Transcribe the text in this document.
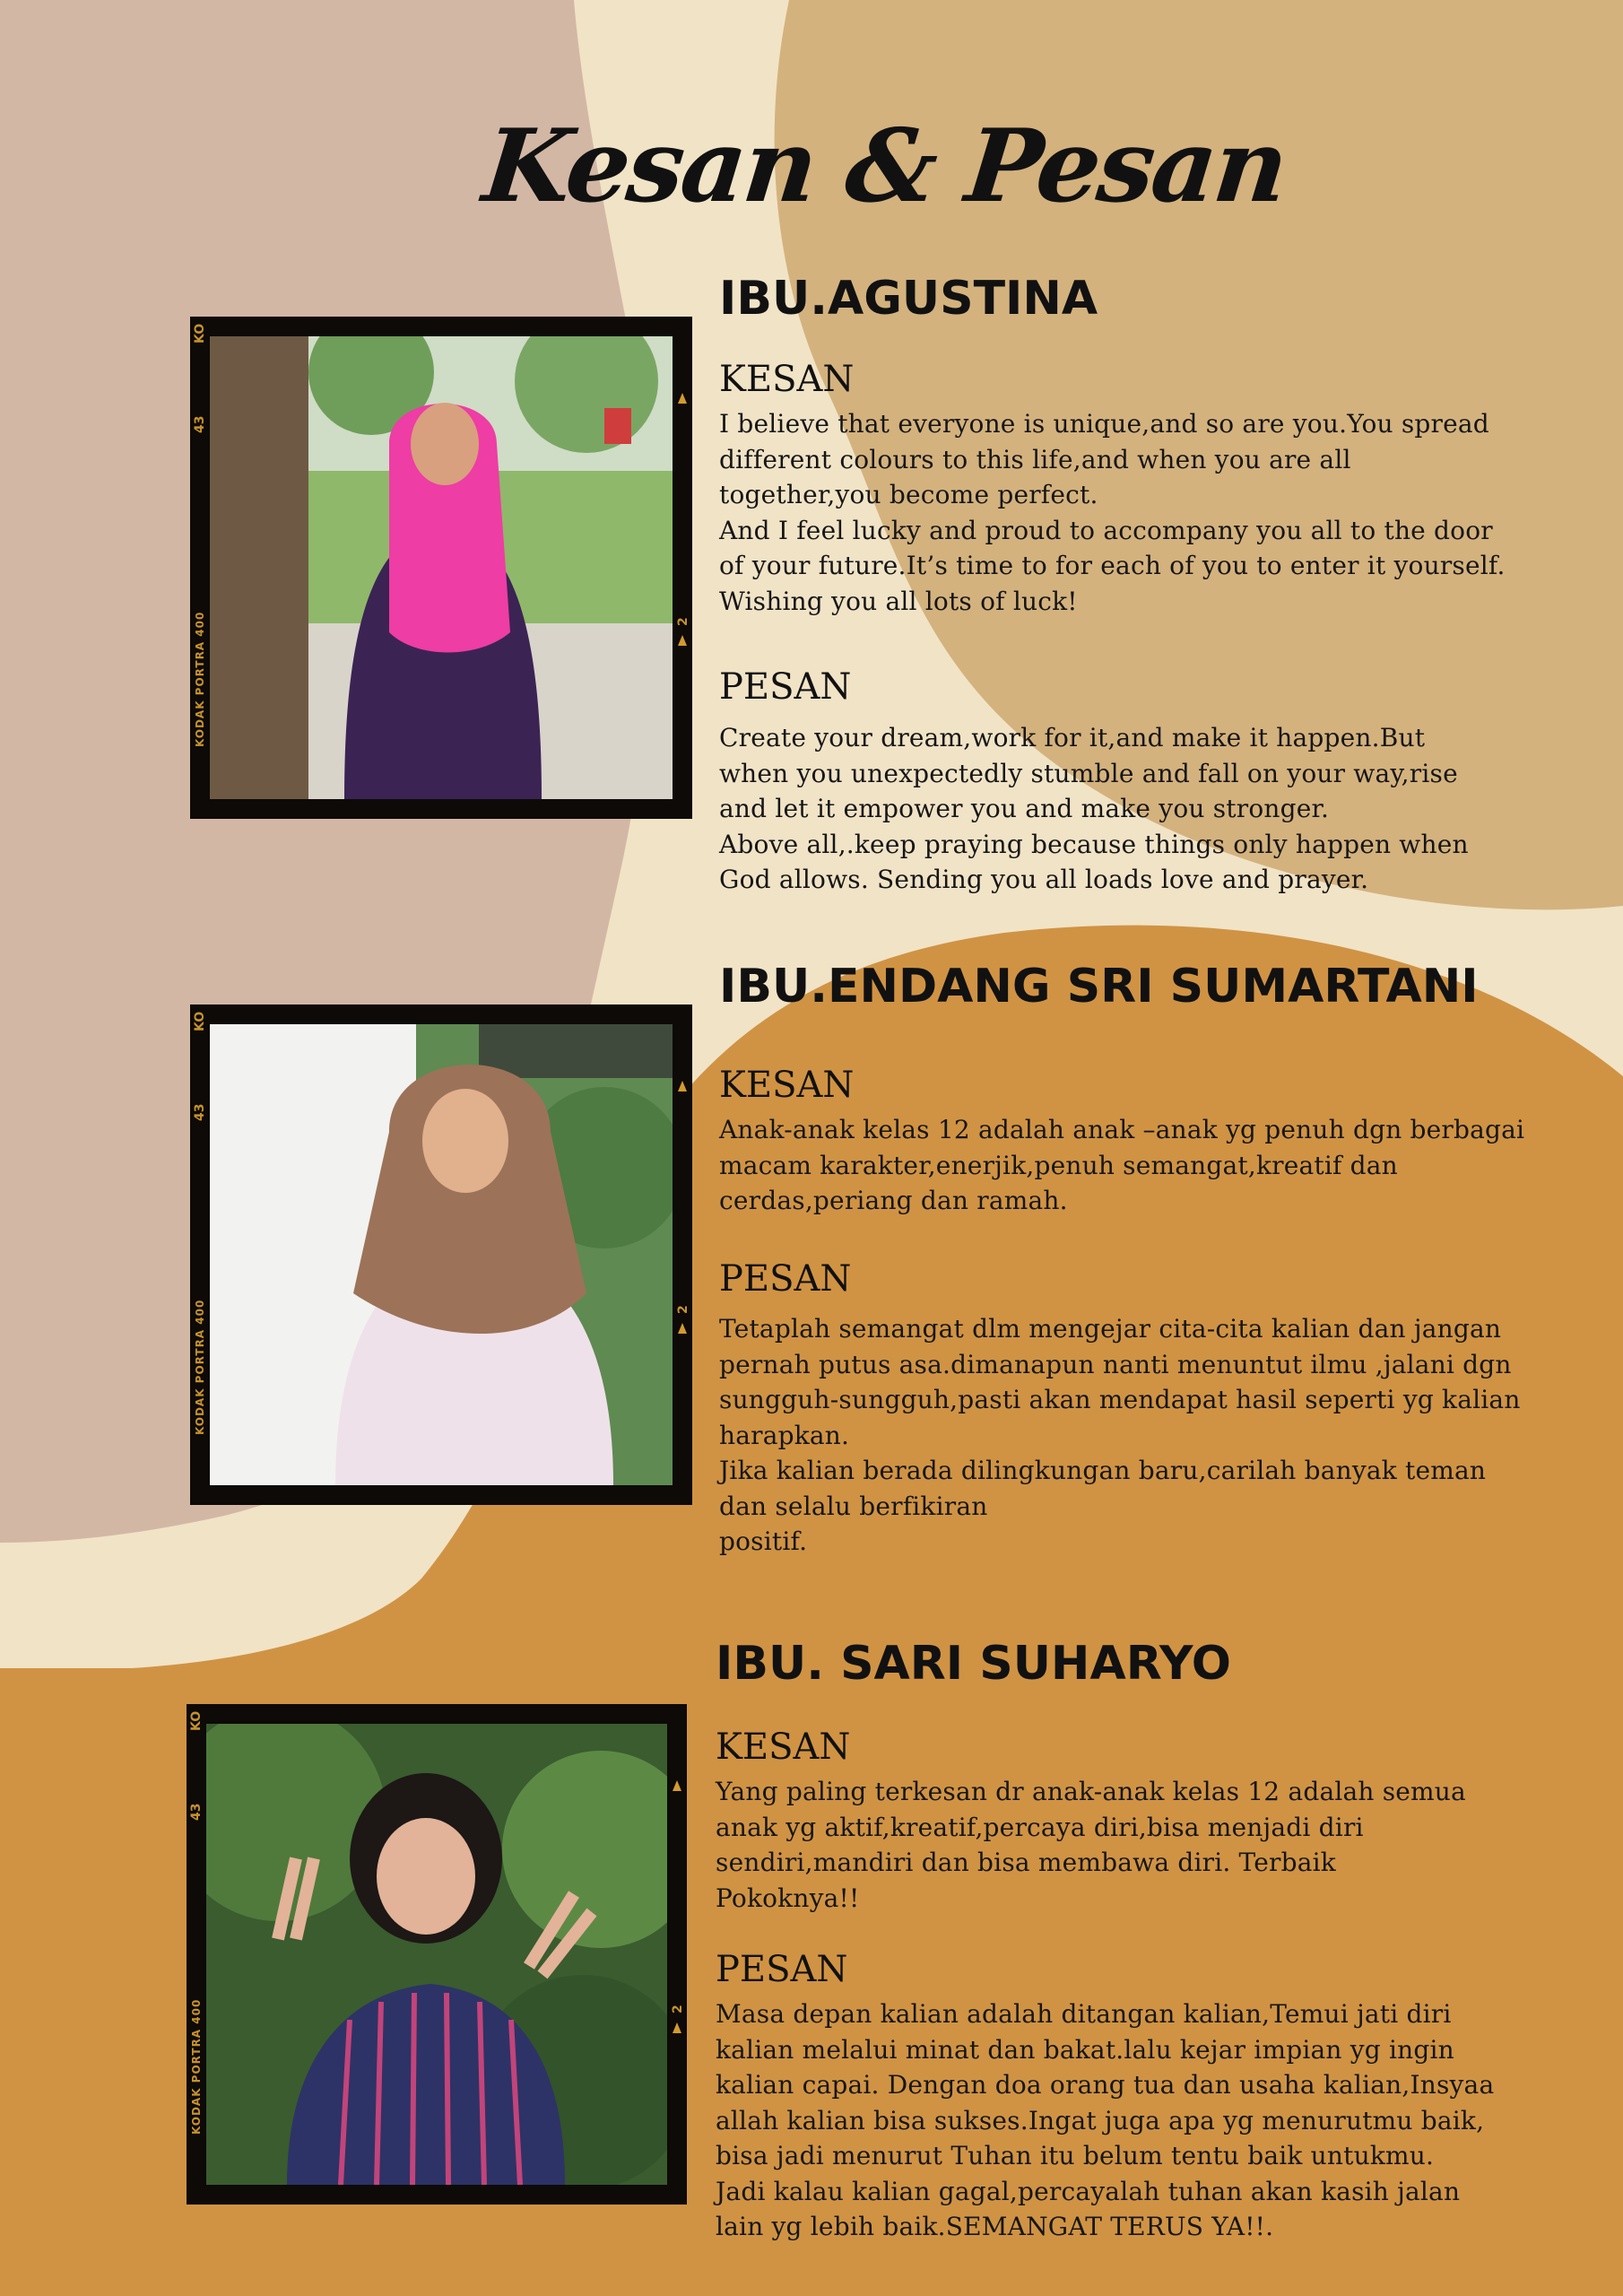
Kesan & Pesan
KODAK PORTRA 400
KO
43
2
IBU.AGUSTINA
KESAN
I believe that everyone is unique,and so are you.You spread
different colours to this life,and when you are all
together,you become perfect.
And I feel lucky and proud to accompany you all to the door
of your future.It’s time to for each of you to enter it yourself.
Wishing you all lots of luck!
PESAN
Create your dream,work for it,and make it happen.But
when you unexpectedly stumble and fall on your way,rise
and let it empower you and make you stronger.
Above all,.keep praying because things only happen when
God allows. Sending you all loads love and prayer.
KODAK PORTRA 400
KO
43
2
IBU.ENDANG SRI SUMARTANI
KESAN
Anak-anak kelas 12 adalah anak –anak yg penuh dgn berbagai
macam karakter,enerjik,penuh semangat,kreatif dan
cerdas,periang dan ramah.
PESAN
Tetaplah semangat dlm mengejar cita-cita kalian dan jangan
pernah putus asa.dimanapun nanti menuntut ilmu ,jalani dgn
sungguh-sungguh,pasti akan mendapat hasil seperti yg kalian
harapkan.
Jika kalian berada dilingkungan baru,carilah banyak teman
dan selalu berfikiran
positif.
KODAK PORTRA 400
KO
43
2
IBU. SARI SUHARYO
KESAN
Yang paling terkesan dr anak-anak kelas 12 adalah semua
anak yg aktif,kreatif,percaya diri,bisa menjadi diri
sendiri,mandiri dan bisa membawa diri. Terbaik
Pokoknya!!
PESAN
Masa depan kalian adalah ditangan kalian,Temui jati diri
kalian melalui minat dan bakat.lalu kejar impian yg ingin
kalian capai. Dengan doa orang tua dan usaha kalian,Insyaa
allah kalian bisa sukses.Ingat juga apa yg menurutmu baik,
bisa jadi menurut Tuhan itu belum tentu baik untukmu.
Jadi kalau kalian gagal,percayalah tuhan akan kasih jalan
lain yg lebih baik.SEMANGAT TERUS YA!!.
